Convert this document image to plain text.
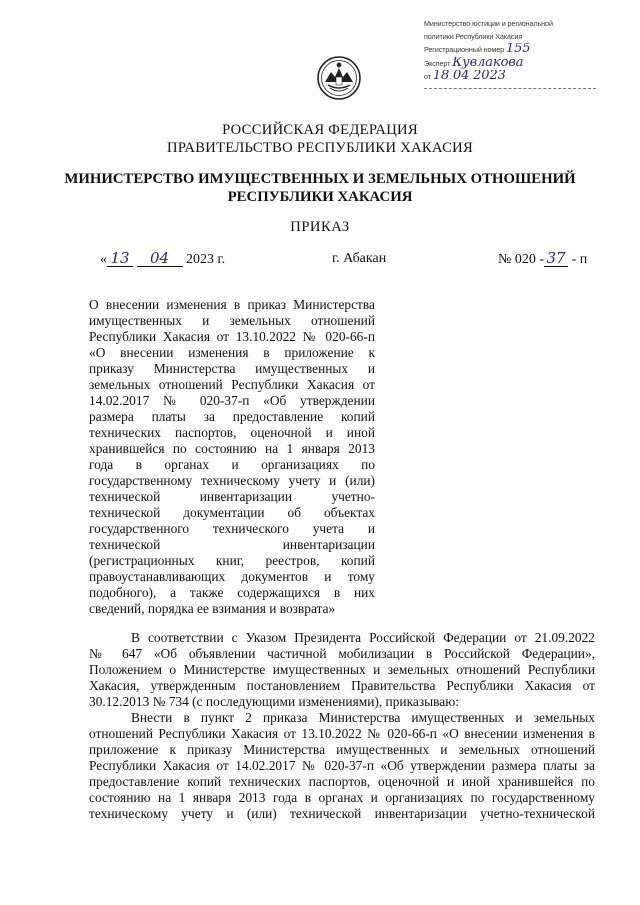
Министерство юстиции и региональной
политики Республики Хакасия
Регистрационный номер 155
Эксперт Кувлакова
от 18. 04. 2023
РОССИЙСКАЯ ФЕДЕРАЦИЯ
ПРАВИТЕЛЬСТВО РЕСПУБЛИКИ ХАКАСИЯ
МИНИСТЕРСТВО ИМУЩЕСТВЕННЫХ И ЗЕМЕЛЬНЫХ ОТНОШЕНИЙ
РЕСПУБЛИКИ ХАКАСИЯ
ПРИКАЗ
« 13 04 2023 г.	г. Абакан	№ 020 - 37 - п
О внесении изменения в приказ Министерства
имущественных и земельных отношений
Республики Хакасия от 13.10.2022 № 020-66-п
«О внесении изменения в приложение к
приказу Министерства имущественных и
земельных отношений Республики Хакасия от
14.02.2017 № 020-37-п «Об утверждении
размера платы за предоставление копий
технических паспортов, оценочной и иной
хранившейся по состоянию на 1 января 2013
года в органах и организациях по
государственному техническому учету и (или)
технической инвентаризации учетно-
технической документации об объектах
государственного технического учета и
технической инвентаризации
(регистрационных книг, реестров, копий
правоустанавливающих документов и тому
подобного), а также содержащихся в них
сведений, порядка ее взимания и возврата»
В соответствии с Указом Президента Российской Федерации от 21.09.2022
№ 647 «Об объявлении частичной мобилизации в Российской Федерации»,
Положением о Министерстве имущественных и земельных отношений Республики
Хакасия, утвержденным постановлением Правительства Республики Хакасия от
30.12.2013 № 734 (с последующими изменениями), приказываю:
Внести в пункт 2 приказа Министерства имущественных и земельных
отношений Республики Хакасия от 13.10.2022 № 020-66-п «О внесении изменения в
приложение к приказу Министерства имущественных и земельных отношений
Республики Хакасия от 14.02.2017 № 020-37-п «Об утверждении размера платы за
предоставление копий технических паспортов, оценочной и иной хранившейся по
состоянию на 1 января 2013 года в органах и организациях по государственному
техническому учету и (или) технической инвентаризации учетно-технической
